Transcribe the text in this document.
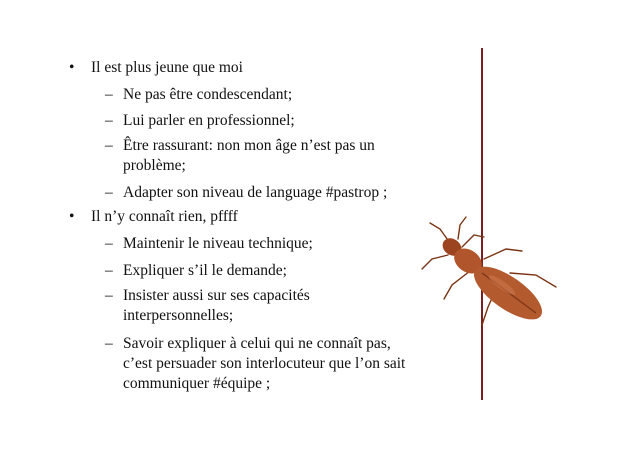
• Il est plus jeune que moi
– Ne pas être condescendant;
– Lui parler en professionnel;
– Être rassurant: non mon âge n’est pas un
problème;
– Adapter son niveau de language #pastrop ;
• Il n’y connaît rien, pffff
– Maintenir le niveau technique;
– Expliquer s’il le demande;
– Insister aussi sur ses capacités
interpersonnelles;
– Savoir expliquer à celui qui ne connaît pas,
c’est persuader son interlocuteur que l’on sait
communiquer #équipe ;
